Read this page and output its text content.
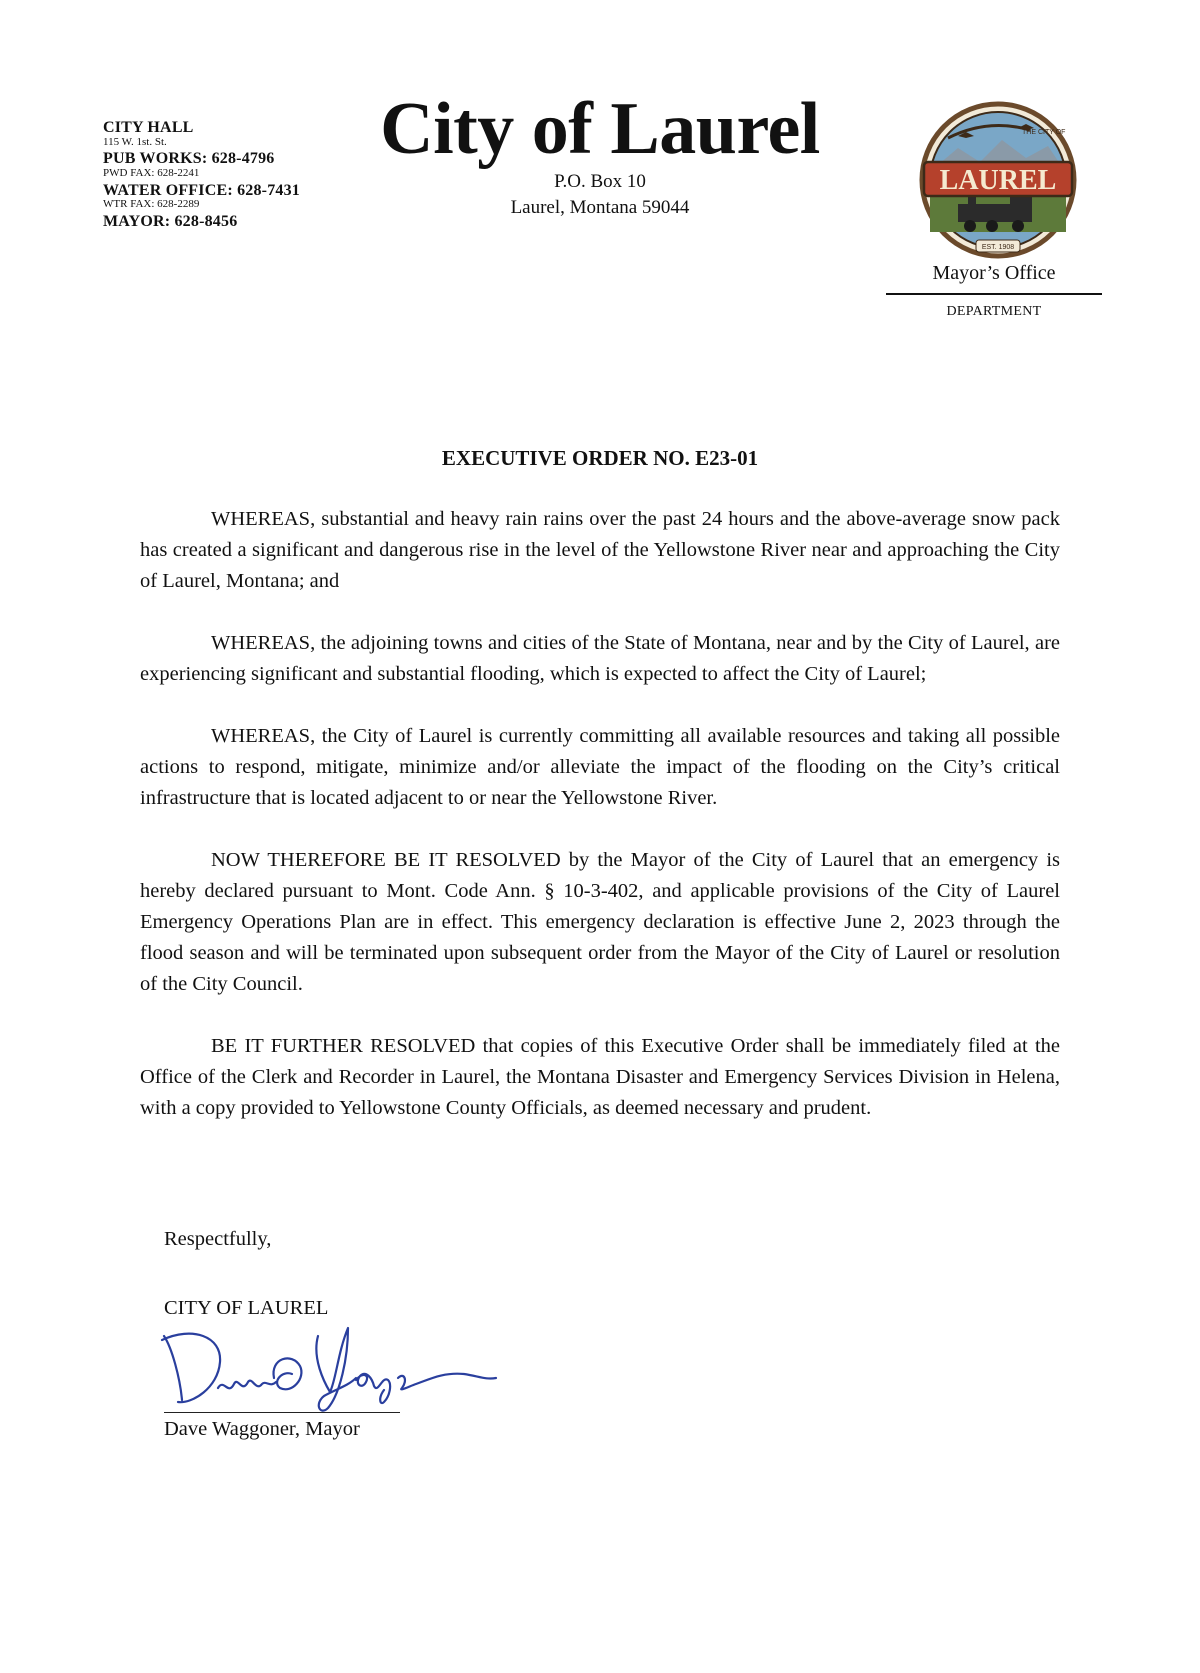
CITY HALL
115 W. 1st. St.
PUB WORKS: 628-4796
PWD FAX: 628-2241
WATER OFFICE: 628-7431
WTR FAX: 628-2289
MAYOR: 628-8456
City of Laurel
P.O. Box 10
Laurel, Montana 59044
LAUREL
THE CITY OF
EST. 1908
Mayor’s Office
DEPARTMENT
EXECUTIVE ORDER NO. E23-01

WHEREAS, substantial and heavy rain rains over the past 24 hours and the above-average snow pack has created a significant and dangerous rise in the level of the Yellowstone River near and approaching the City of Laurel, Montana; and

WHEREAS, the adjoining towns and cities of the State of Montana, near and by the City of Laurel, are experiencing significant and substantial flooding, which is expected to affect the City of Laurel;

WHEREAS, the City of Laurel is currently committing all available resources and taking all possible actions to respond, mitigate, minimize and/or alleviate the impact of the flooding on the City’s critical infrastructure that is located adjacent to or near the Yellowstone River.

NOW THEREFORE BE IT RESOLVED by the Mayor of the City of Laurel that an emergency is hereby declared pursuant to Mont. Code Ann. § 10-3-402, and applicable provisions of the City of Laurel Emergency Operations Plan are in effect. This emergency declaration is effective June 2, 2023 through the flood season and will be terminated upon subsequent order from the Mayor of the City of Laurel or resolution of the City Council.

BE IT FURTHER RESOLVED that copies of this Executive Order shall be immediately filed at the Office of the Clerk and Recorder in Laurel, the Montana Disaster and Emergency Services Division in Helena, with a copy provided to Yellowstone County Officials, as deemed necessary and prudent.

Respectfully,
CITY OF LAUREL
Dave Waggoner, Mayor
